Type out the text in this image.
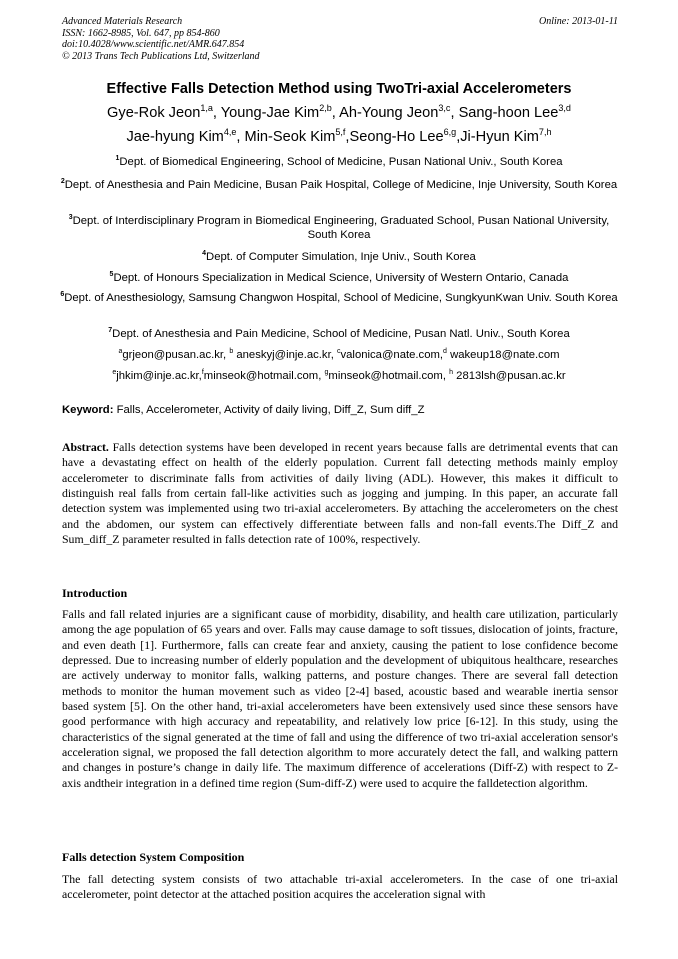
Advanced Materials Research
ISSN: 1662-8985, Vol. 647, pp 854-860
doi:10.4028/www.scientific.net/AMR.647.854
© 2013 Trans Tech Publications Ltd, Switzerland
Online: 2013-01-11
Effective Falls Detection Method using TwoTri-axial Accelerometers
Gye-Rok Jeon$^{1,a}$, Young-Jae Kim$^{2,b}$, Ah-Young Jeon$^{3,c}$, Sang-hoon Lee$^{3,d}$
Jae-hyung Kim$^{4,e}$, Min-Seok Kim$^{5,f}$,Seong-Ho Lee$^{6,g}$,Ji-Hyun Kim$^{7,h}$
$^1$Dept. of Biomedical Engineering, School of Medicine, Pusan National Univ., South Korea
$^2$Dept. of Anesthesia and Pain Medicine, Busan Paik Hospital, College of Medicine, Inje University, South Korea
$^3$Dept. of Interdisciplinary Program in Biomedical Engineering, Graduated School, Pusan National University, South Korea
$^4$Dept. of Computer Simulation, Inje Univ., South Korea
$^5$Dept. of Honours Specialization in Medical Science, University of Western Ontario, Canada
$^6$Dept. of Anesthesiology, Samsung Changwon Hospital, School of Medicine, SungkyunKwan Univ. South Korea
$^7$Dept. of Anesthesia and Pain Medicine, School of Medicine, Pusan Natl. Univ., South Korea
$^a$grjeon@pusan.ac.kr, $^b$ aneskyj@inje.ac.kr, $^c$valonica@nate.com,$^d$ wakeup18@nate.com
$^e$jhkim@inje.ac.kr,$^f$minseok@hotmail.com, $^g$minseok@hotmail.com, $^h$ 2813lsh@pusan.ac.kr
Keyword: Falls, Accelerometer, Activity of daily living, Diff_Z, Sum diff_Z
Abstract. Falls detection systems have been developed in recent years because falls are detrimental events that can have a devastating effect on health of the elderly population. Current fall detecting methods mainly employ accelerometer to discriminate falls from activities of daily living (ADL). However, this makes it difficult to distinguish real falls from certain fall-like activities such as jogging and jumping. In this paper, an accurate fall detection system was implemented using two tri-axial accelerometers. By attaching the accelerometers on the chest and the abdomen, our system can effectively differentiate between falls and non-fall events.The Diff_Z and Sum_diff_Z parameter resulted in falls detection rate of 100%, respectively.
Introduction
Falls and fall related injuries are a significant cause of morbidity, disability, and health care utilization, particularly among the age population of 65 years and over. Falls may cause damage to soft tissues, dislocation of joints, fracture, and even death [1]. Furthermore, falls can create fear and anxiety, causing the patient to lose confidence become depressed. Due to increasing number of elderly population and the development of ubiquitous healthcare, researches are actively underway to monitor falls, walking patterns, and posture changes. There are several fall detection methods to monitor the human movement such as video [2-4] based, acoustic based and wearable inertia sensor based system [5]. On the other hand, tri-axial accelerometers have been extensively used since these sensors have good performance with high accuracy and repeatability, and relatively low price [6-12]. In this study, using the characteristics of the signal generated at the time of fall and using the difference of two tri-axial acceleration sensor's acceleration signal, we proposed the fall detection algorithm to more accurately detect the fall, and walking pattern and changes in posture’s change in daily life. The maximum difference of accelerations (Diff-Z) with respect to Z-axis andtheir integration in a defined time region (Sum-diff-Z) were used to acquire the falldetection algorithm.
Falls detection System Composition
The fall detecting system consists of two attachable tri-axial accelerometers. In the case of one tri-axial accelerometer, point detector at the attached position acquires the acceleration signal with
